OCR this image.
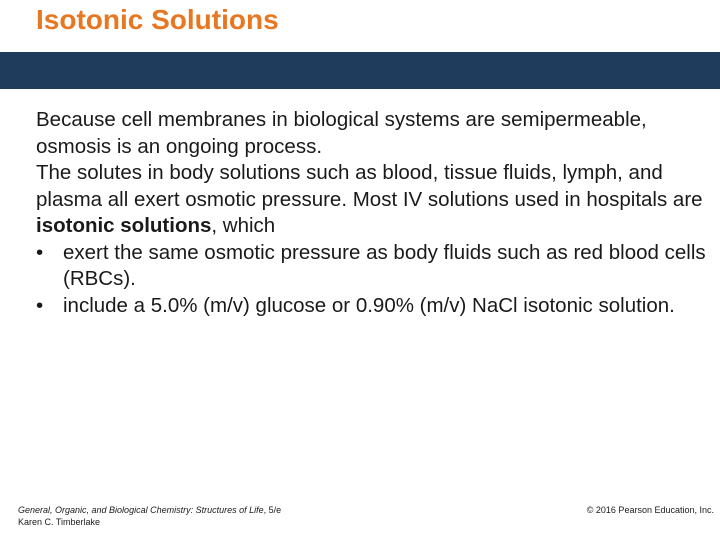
Isotonic Solutions

Because cell membranes in biological systems are semipermeable, osmosis is an ongoing process.

The solutes in body solutions such as blood, tissue fluids, lymph, and plasma all exert osmotic pressure. Most IV solutions used in hospitals are isotonic solutions, which

• exert the same osmotic pressure as body fluids such as red blood cells (RBCs).
• include a 5.0% (m/v) glucose or 0.90% (m/v) NaCl isotonic solution.
General, Organic, and Biological Chemistry: Structures of Life, 5/e
Karen C. Timberlake
© 2016 Pearson Education, Inc.
